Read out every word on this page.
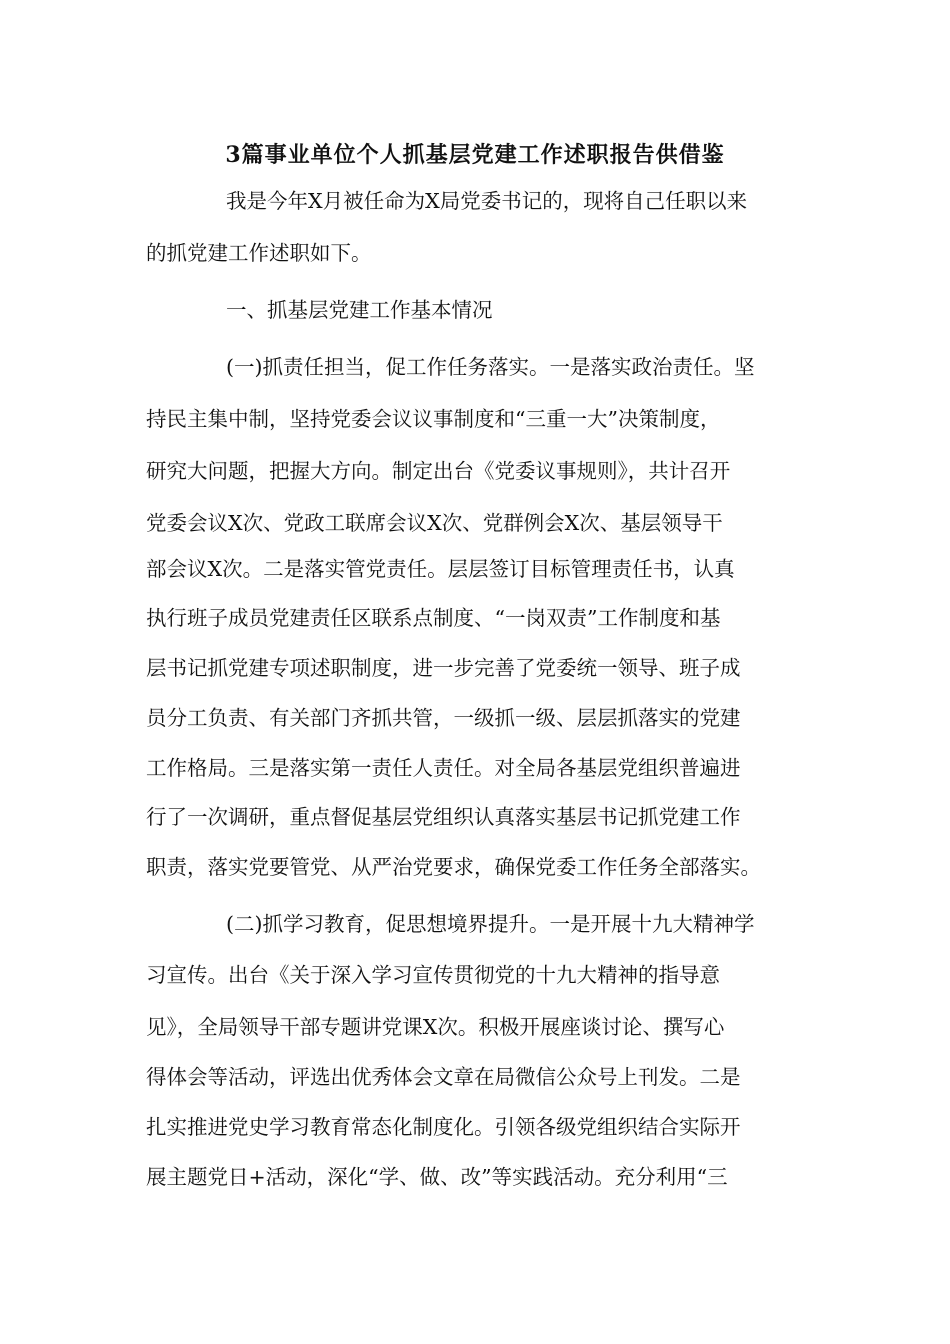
3篇事业单位个人抓基层党建工作述职报告供借鉴
我是今年X月被任命为X局党委书记的，现将自己任职以来
的抓党建工作述职如下。
一、抓基层党建工作基本情况
(一)抓责任担当，促工作任务落实。一是落实政治责任。坚
持民主集中制，坚持党委会议议事制度和“三重一大”决策制度，
研究大问题，把握大方向。制定出台《党委议事规则》，共计召开
党委会议X次、党政工联席会议X次、党群例会X次、基层领导干
部会议X次。二是落实管党责任。层层签订目标管理责任书，认真
执行班子成员党建责任区联系点制度、“一岗双责”工作制度和基
层书记抓党建专项述职制度，进一步完善了党委统一领导、班子成
员分工负责、有关部门齐抓共管，一级抓一级、层层抓落实的党建
工作格局。三是落实第一责任人责任。对全局各基层党组织普遍进
行了一次调研，重点督促基层党组织认真落实基层书记抓党建工作
职责，落实党要管党、从严治党要求，确保党委工作任务全部落实。
(二)抓学习教育，促思想境界提升。一是开展十九大精神学
习宣传。出台《关于深入学习宣传贯彻党的十九大精神的指导意
见》，全局领导干部专题讲党课X次。积极开展座谈讨论、撰写心
得体会等活动，评选出优秀体会文章在局微信公众号上刊发。二是
扎实推进党史学习教育常态化制度化。引领各级党组织结合实际开
展主题党日+活动，深化“学、做、改”等实践活动。充分利用“三
